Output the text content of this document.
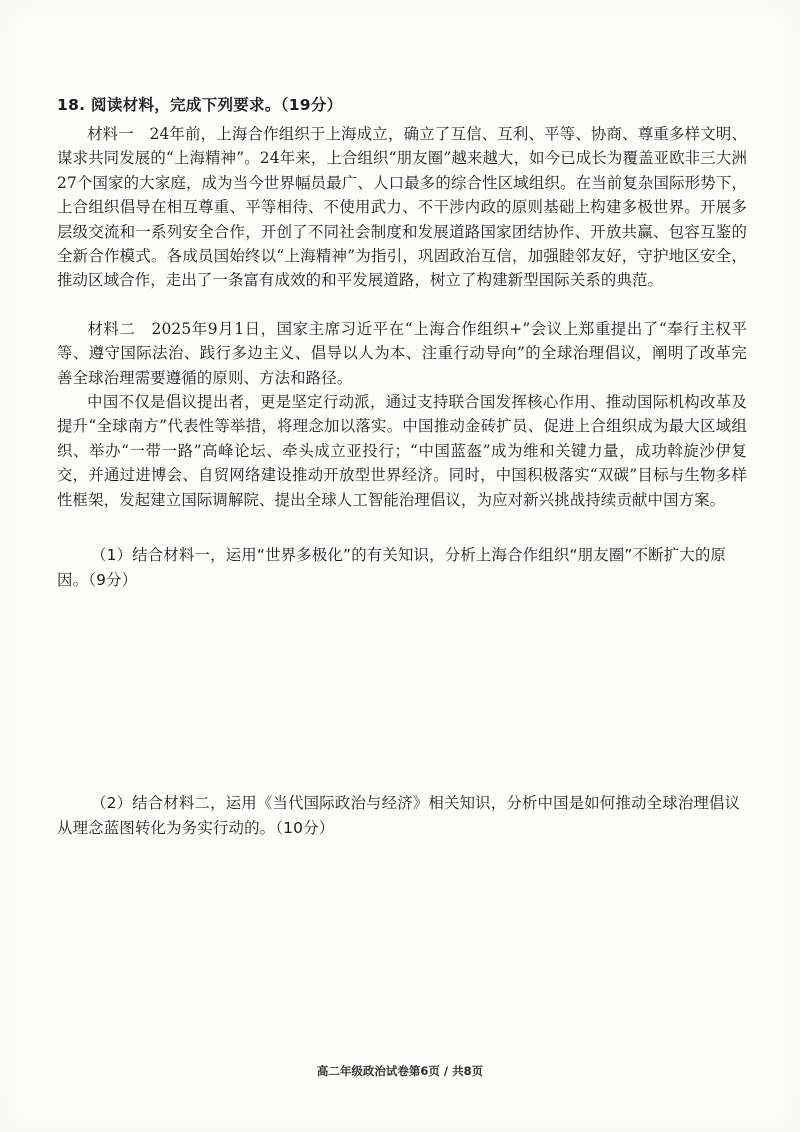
18. 阅读材料，完成下列要求。（19分）
材料一　24年前，上海合作组织于上海成立，确立了互信、互利、平等、协商、尊重多样文明、谋求共同发展的“上海精神”。24年来，上合组织“朋友圈”越来越大，如今已成长为覆盖亚欧非三大洲27个国家的大家庭，成为当今世界幅员最广、人口最多的综合性区域组织。在当前复杂国际形势下，上合组织倡导在相互尊重、平等相待、不使用武力、不干涉内政的原则基础上构建多极世界。开展多层级交流和一系列安全合作，开创了不同社会制度和发展道路国家团结协作、开放共赢、包容互鉴的全新合作模式。各成员国始终以“上海精神”为指引，巩固政治互信，加强睦邻友好，守护地区安全，推动区域合作，走出了一条富有成效的和平发展道路，树立了构建新型国际关系的典范。
材料二　2025年9月1日，国家主席习近平在“上海合作组织+”会议上郑重提出了“奉行主权平等、遵守国际法治、践行多边主义、倡导以人为本、注重行动导向”的全球治理倡议，阐明了改革完善全球治理需要遵循的原则、方法和路径。
中国不仅是倡议提出者，更是坚定行动派，通过支持联合国发挥核心作用、推动国际机构改革及提升“全球南方”代表性等举措，将理念加以落实。中国推动金砖扩员、促进上合组织成为最大区域组织、举办“一带一路”高峰论坛、牵头成立亚投行；“中国蓝盔”成为维和关键力量，成功斡旋沙伊复交，并通过进博会、自贸网络建设推动开放型世界经济。同时，中国积极落实“双碳”目标与生物多样性框架，发起建立国际调解院、提出全球人工智能治理倡议，为应对新兴挑战持续贡献中国方案。
（1）结合材料一，运用“世界多极化”的有关知识，分析上海合作组织“朋友圈”不断扩大的原因。（9分）
（2）结合材料二，运用《当代国际政治与经济》相关知识，分析中国是如何推动全球治理倡议从理念蓝图转化为务实行动的。（10分）
高二年级政治试卷第6页 / 共8页
